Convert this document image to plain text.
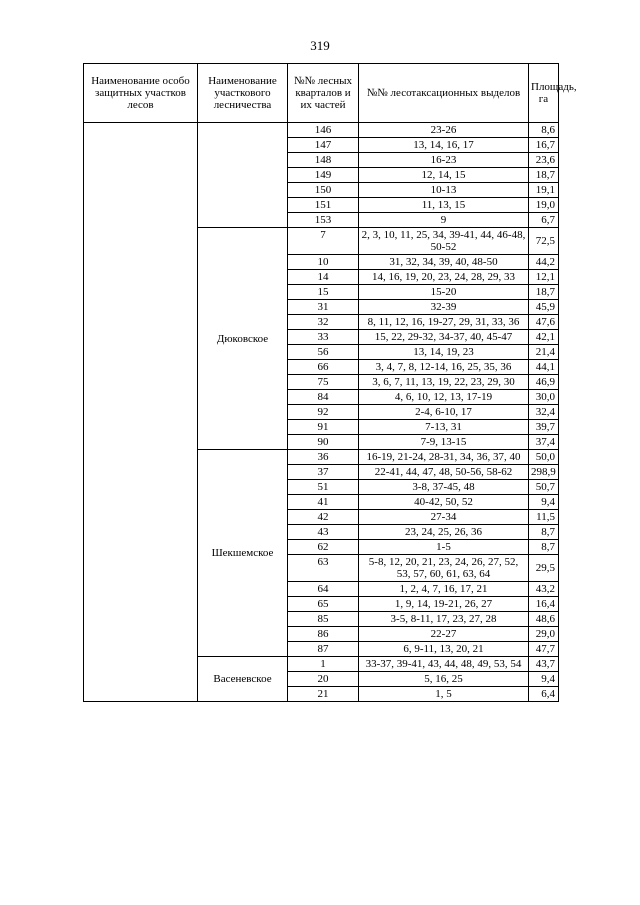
319
Наименование особо защитных участков лесов	Наименование участкового лесничества	№№ лесных кварталов и их частей	№№ лесотаксационных выделов	Площадь, га
		146	23-26	8,6
		147	13, 14, 16, 17	16,7
		148	16-23	23,6
		149	12, 14, 15	18,7
		150	10-13	19,1
		151	11, 13, 15	19,0
		153	9	6,7
	Дюковское	7	2, 3, 10, 11, 25, 34, 39-41, 44, 46-48, 50-52	72,5
		10	31, 32, 34, 39, 40, 48-50	44,2
		14	14, 16, 19, 20, 23, 24, 28, 29, 33	12,1
		15	15-20	18,7
		31	32-39	45,9
		32	8, 11, 12, 16, 19-27, 29, 31, 33, 36	47,6
		33	15, 22, 29-32, 34-37, 40, 45-47	42,1
		56	13, 14, 19, 23	21,4
		66	3, 4, 7, 8, 12-14, 16, 25, 35, 36	44,1
		75	3, 6, 7, 11, 13, 19, 22, 23, 29, 30	46,9
		84	4, 6, 10, 12, 13, 17-19	30,0
		92	2-4, 6-10, 17	32,4
		91	7-13, 31	39,7
		90	7-9, 13-15	37,4
	Шекшемское	36	16-19, 21-24, 28-31, 34, 36, 37, 40	50,0
		37	22-41, 44, 47, 48, 50-56, 58-62	298,9
		51	3-8, 37-45, 48	50,7
		41	40-42, 50, 52	9,4
		42	27-34	11,5
		43	23, 24, 25, 26, 36	8,7
		62	1-5	8,7
		63	5-8, 12, 20, 21, 23, 24, 26, 27, 52, 53, 57, 60, 61, 63, 64	29,5
		64	1, 2, 4, 7, 16, 17, 21	43,2
		65	1, 9, 14, 19-21, 26, 27	16,4
		85	3-5, 8-11, 17, 23, 27, 28	48,6
		86	22-27	29,0
		87	6, 9-11, 13, 20, 21	47,7
	Васеневское	1	33-37, 39-41, 43, 44, 48, 49, 53, 54	43,7
		20	5, 16, 25	9,4
		21	1, 5	6,4
